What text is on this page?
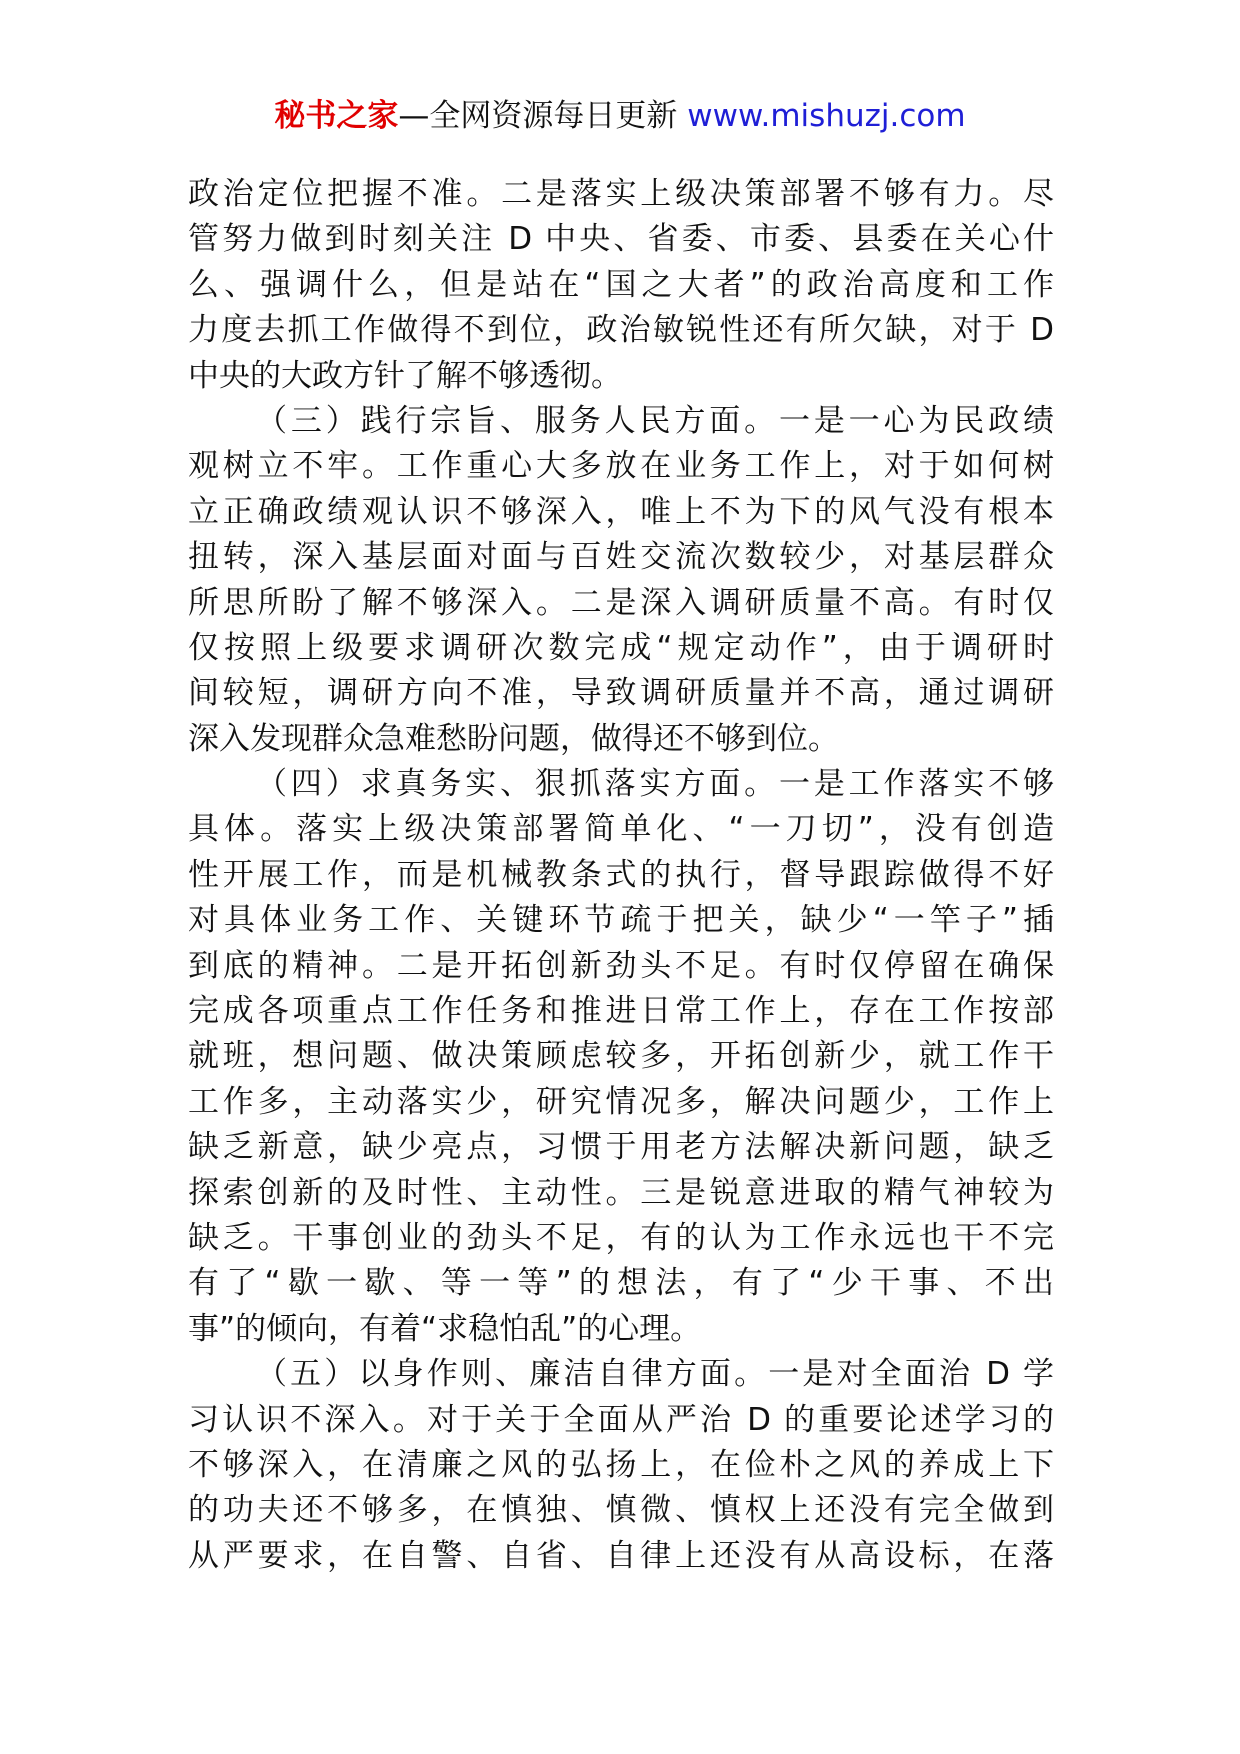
秘书之家—全网资源每日更新 www.mishuzj.com
政治定位把握不准。二是落实上级决策部署不够有力。尽
管努力做到时刻关注 D 中央、省委、市委、县委在关心什
么、强调什么，但是站在“国之大者”的政治高度和工作
力度去抓工作做得不到位，政治敏锐性还有所欠缺，对于 D
中央的大政方针了解不够透彻。
（三）践行宗旨、服务人民方面。一是一心为民政绩
观树立不牢。工作重心大多放在业务工作上，对于如何树
立正确政绩观认识不够深入，唯上不为下的风气没有根本
扭转，深入基层面对面与百姓交流次数较少，对基层群众
所思所盼了解不够深入。二是深入调研质量不高。有时仅
仅按照上级要求调研次数完成“规定动作”，由于调研时
间较短，调研方向不准，导致调研质量并不高，通过调研
深入发现群众急难愁盼问题，做得还不够到位。
（四）求真务实、狠抓落实方面。一是工作落实不够
具体。落实上级决策部署简单化、“一刀切”，没有创造
性开展工作，而是机械教条式的执行，督导跟踪做得不好
对具体业务工作、关键环节疏于把关，缺少“一竿子”插
到底的精神。二是开拓创新劲头不足。有时仅停留在确保
完成各项重点工作任务和推进日常工作上，存在工作按部
就班，想问题、做决策顾虑较多，开拓创新少，就工作干
工作多，主动落实少，研究情况多，解决问题少，工作上
缺乏新意，缺少亮点，习惯于用老方法解决新问题，缺乏
探索创新的及时性、主动性。三是锐意进取的精气神较为
缺乏。干事创业的劲头不足，有的认为工作永远也干不完
有了“歇一歇、等一等”的想法，有了“少干事、不出
事”的倾向，有着“求稳怕乱”的心理。
（五）以身作则、廉洁自律方面。一是对全面治 D 学
习认识不深入。对于关于全面从严治 D 的重要论述学习的
不够深入，在清廉之风的弘扬上，在俭朴之风的养成上下
的功夫还不够多，在慎独、慎微、慎权上还没有完全做到
从严要求，在自警、自省、自律上还没有从高设标，在落
